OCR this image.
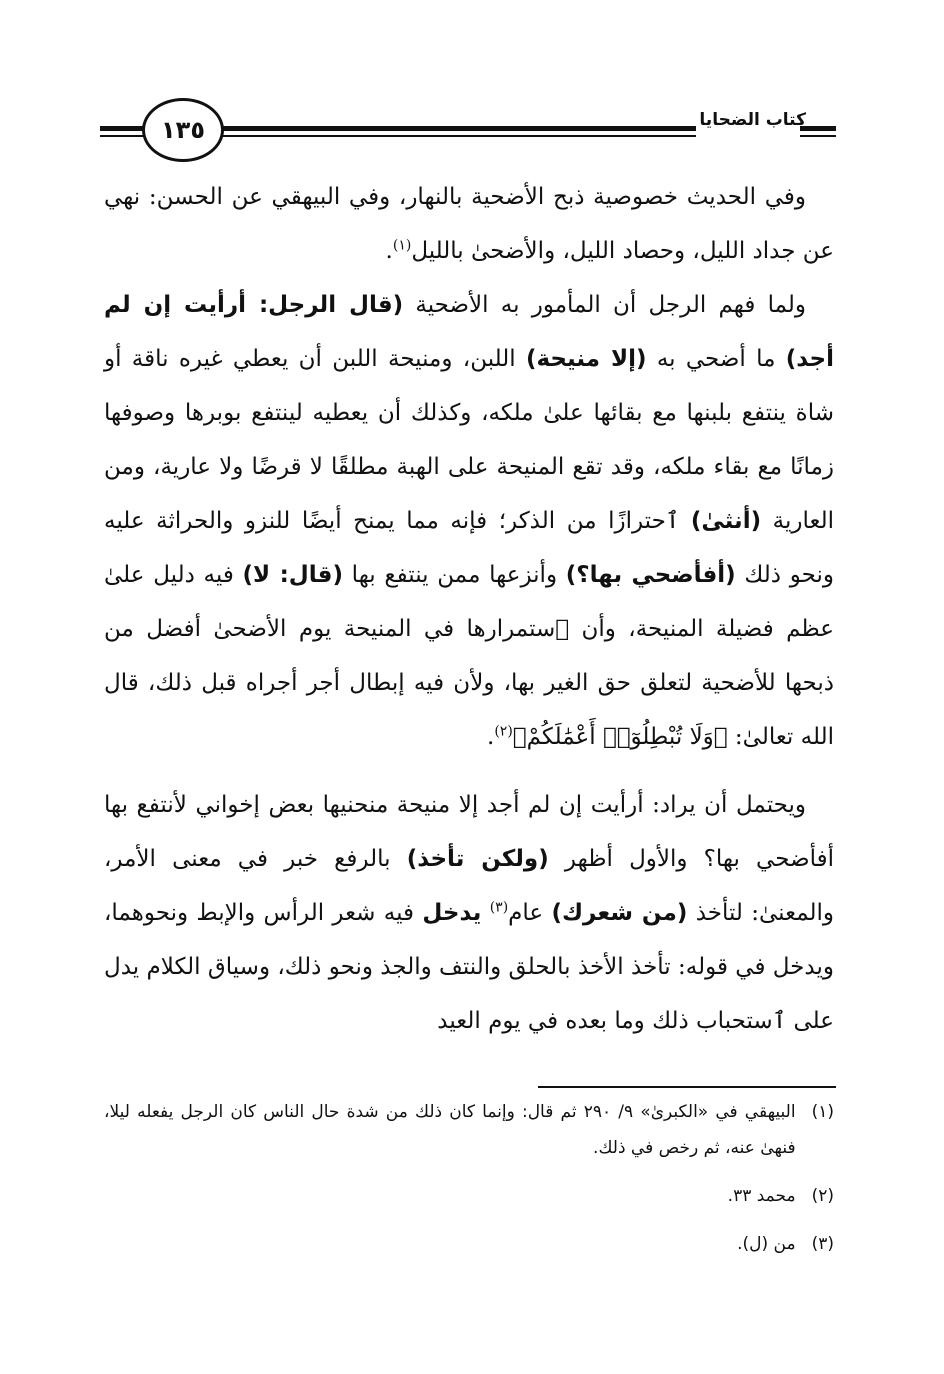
كتاب الضحايا
١٣٥

وفي الحديث خصوصية ذبح الأضحية بالنهار، وفي البيهقي عن الحسن: نهي عن جداد الليل، وحصاد الليل، والأضحىٰ بالليل$^{(١)}$.

ولما فهم الرجل أن المأمور به الأضحية (قال الرجل: أرأيت إن لم أجد) ما أضحي به (إلا منيحة) اللبن، ومنيحة اللبن أن يعطي غيره ناقة أو شاة ينتفع بلبنها مع بقائها علىٰ ملكه، وكذلك أن يعطيه لينتفع بوبرها وصوفها زمانًا مع بقاء ملكه، وقد تقع المنيحة على الهبة مطلقًا لا قرضًا ولا عارية، ومن العارية (أنثىٰ) ٱحترازًا من الذكر؛ فإنه مما يمنح أيضًا للنزو والحراثة عليه ونحو ذلك (أفأضحي بها؟) وأنزعها ممن ينتفع بها (قال: لا) فيه دليل علىٰ عظم فضيلة المنيحة، وأن ٱستمرارها في المنيحة يوم الأضحىٰ أفضل من ذبحها للأضحية لتعلق حق الغير بها، ولأن فيه إبطال أجر أجراه قبل ذلك، قال الله تعالىٰ: ﴿وَلَا تُبْطِلُوٓا۟ أَعْمَٰلَكُمْ﴾$^{(٢)}$.

ويحتمل أن يراد: أرأيت إن لم أجد إلا منيحة منحنيها بعض إخواني لأنتفع بها أفأضحي بها؟ والأول أظهر (ولكن تأخذ) بالرفع خبر في معنى الأمر، والمعنىٰ: لتأخذ (من شعرك) عام$^{(٣)}$ يدخل فيه شعر الرأس والإبط ونحوهما، ويدخل في قوله: تأخذ الأخذ بالحلق والنتف والجذ ونحو ذلك، وسياق الكلام يدل على ٱستحباب ذلك وما بعده في يوم العيد

(١)
البيهقي في «الكبرىٰ» ٩/ ٢٩٠ ثم قال: وإنما كان ذلك من شدة حال الناس كان الرجل يفعله ليلا، فنهىٰ عنه، ثم رخص في ذلك.
(٢)
محمد ٣٣.
(٣)
من (ل).
